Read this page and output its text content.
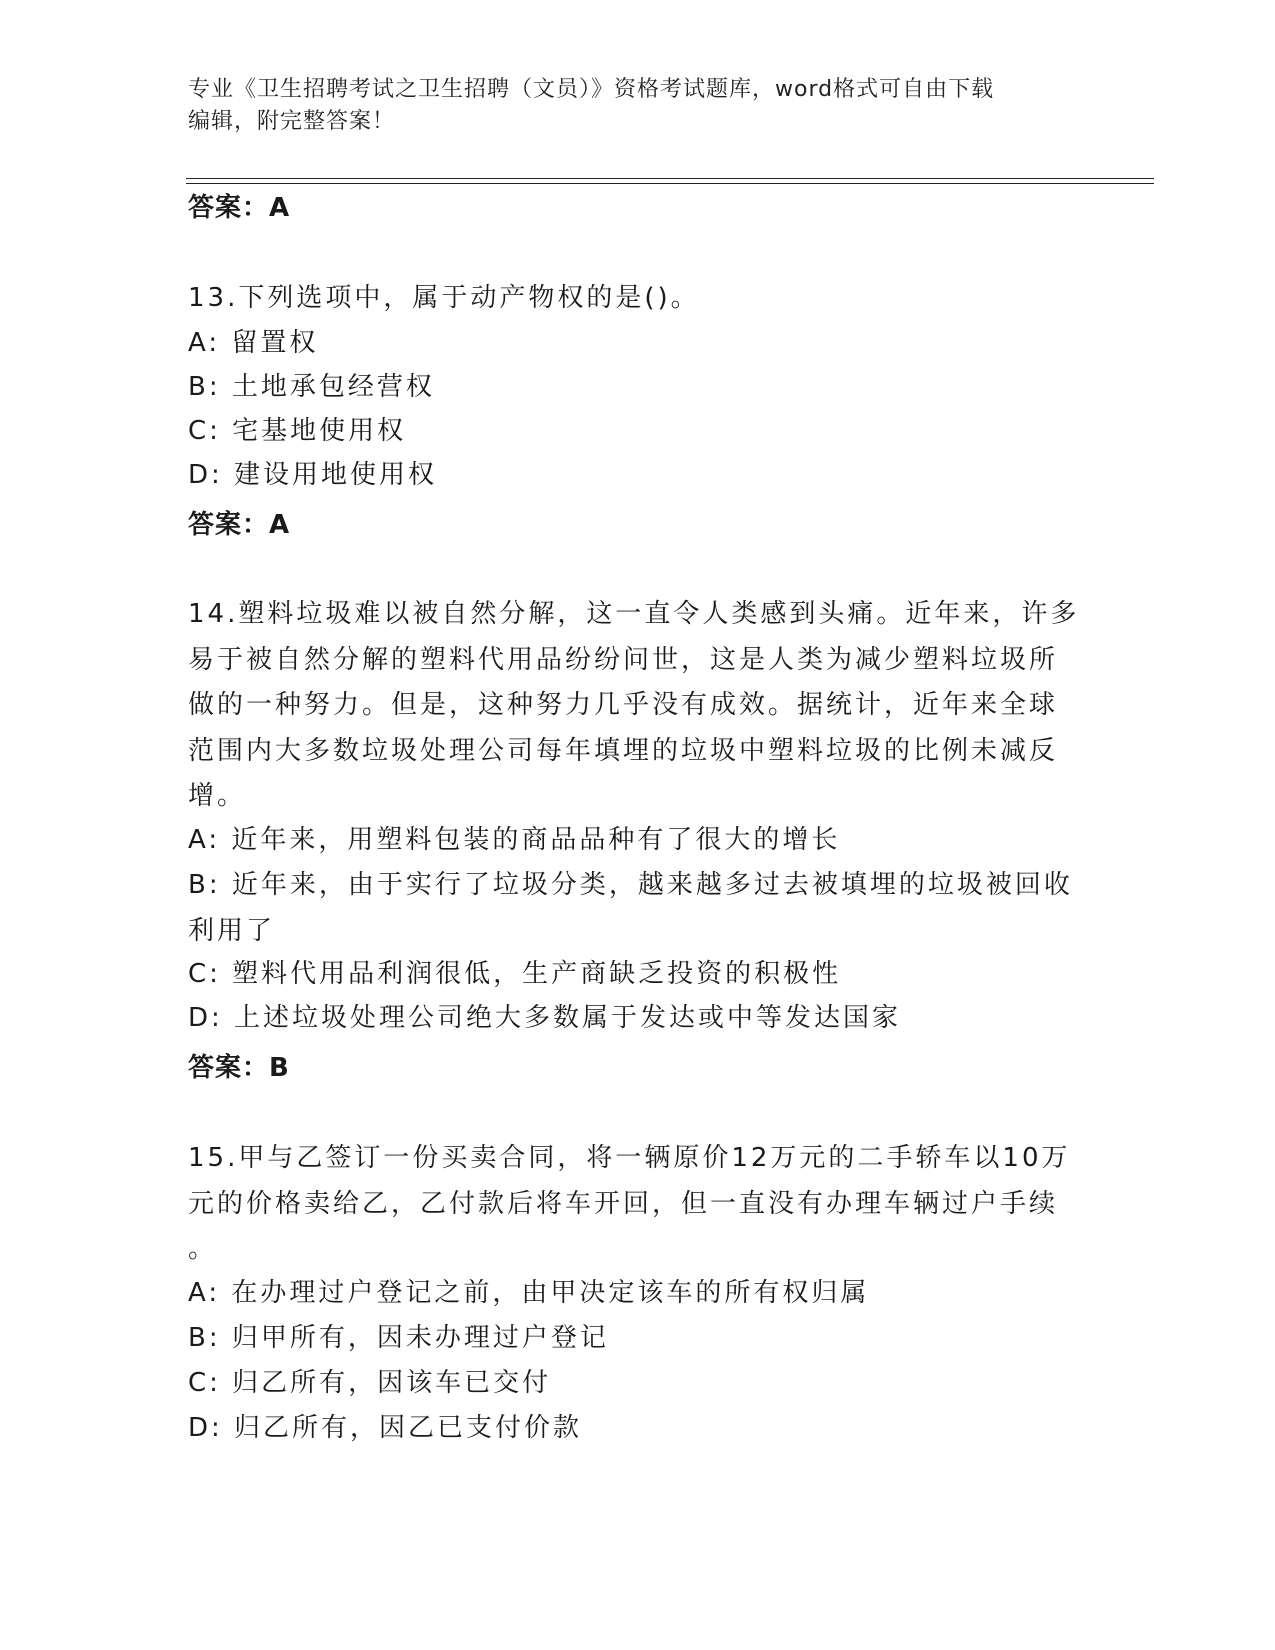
专业《卫生招聘考试之卫生招聘（文员）》资格考试题库，word格式可自由下载
编辑，附完整答案！
答案：A
13.下列选项中，属于动产物权的是()。
A: 留置权
B: 土地承包经营权
C: 宅基地使用权
D: 建设用地使用权
答案：A
14.塑料垃圾难以被自然分解，这一直令人类感到头痛。近年来，许多
易于被自然分解的塑料代用品纷纷问世，这是人类为减少塑料垃圾所
做的一种努力。但是，这种努力几乎没有成效。据统计，近年来全球
范围内大多数垃圾处理公司每年填埋的垃圾中塑料垃圾的比例未减反
增。
A: 近年来，用塑料包装的商品品种有了很大的增长
B: 近年来，由于实行了垃圾分类，越来越多过去被填埋的垃圾被回收
利用了
C: 塑料代用品利润很低，生产商缺乏投资的积极性
D: 上述垃圾处理公司绝大多数属于发达或中等发达国家
答案：B
15.甲与乙签订一份买卖合同，将一辆原价12万元的二手轿车以10万
元的价格卖给乙，乙付款后将车开回，但一直没有办理车辆过户手续
。
A: 在办理过户登记之前，由甲决定该车的所有权归属
B: 归甲所有，因未办理过户登记
C: 归乙所有，因该车已交付
D: 归乙所有，因乙已支付价款
